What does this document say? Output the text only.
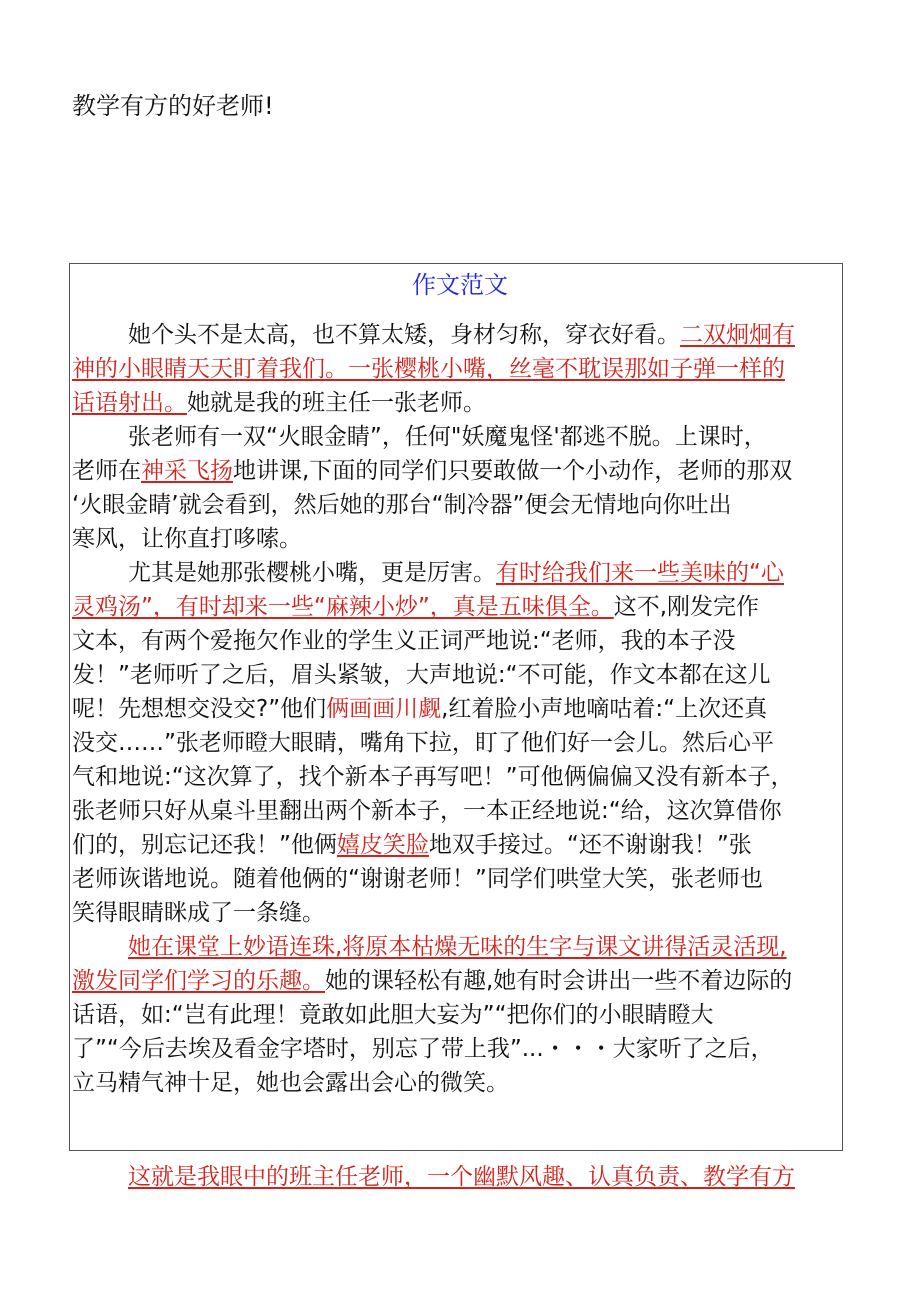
教学有方的好老师!
作文范文
她个头不是太高，也不算太矮，身材匀称，穿衣好看。二双炯炯有
神的小眼睛天天盯着我们。一张樱桃小嘴，丝毫不耽误那如子弹一样的
话语射出。她就是我的班主任一张老师。
张老师有一双“火眼金睛”，任何"妖魔鬼怪'都逃不脱。上课时，
老师在神采飞扬地讲课,下面的同学们只要敢做一个小动作，老师的那双
‘火眼金睛’就会看到，然后她的那台“制冷器”便会无情地向你吐出
寒风，让你直打哆嗦。
尤其是她那张樱桃小嘴，更是厉害。有时给我们来一些美味的“心
灵鸡汤”，有时却来一些“麻辣小炒”，真是五味俱全。这不,刚发完作
文本，有两个爱拖欠作业的学生义正词严地说:“老师，我的本子没
发！”老师听了之后，眉头紧皱，大声地说:“不可能，作文本都在这儿
呢！先想想交没交?”他们俩画画川觑,红着脸小声地嘀咕着:“上次还真
没交……”张老师瞪大眼睛，嘴角下拉，盯了他们好一会儿。然后心平
气和地说:“这次算了，找个新本子再写吧！”可他俩偏偏又没有新本子，
张老师只好从桌斗里翻出两个新本子，一本正经地说:“给，这次算借你
们的，别忘记还我！”他俩嬉皮笑脸地双手接过。“还不谢谢我！”张
老师诙谐地说。随着他俩的“谢谢老师！”同学们哄堂大笑，张老师也
笑得眼睛眯成了一条缝。
她在课堂上妙语连珠,将原本枯燥无味的生字与课文讲得活灵活现,
激发同学们学习的乐趣。她的课轻松有趣,她有时会讲出一些不着边际的
话语，如:“岂有此理！竟敢如此胆大妄为”“把你们的小眼睛瞪大
了”“今后去埃及看金字塔时，别忘了带上我”...・・・大家听了之后，
立马精气神十足，她也会露出会心的微笑。
这就是我眼中的班主任老师，一个幽默风趣、认真负责、教学有方
